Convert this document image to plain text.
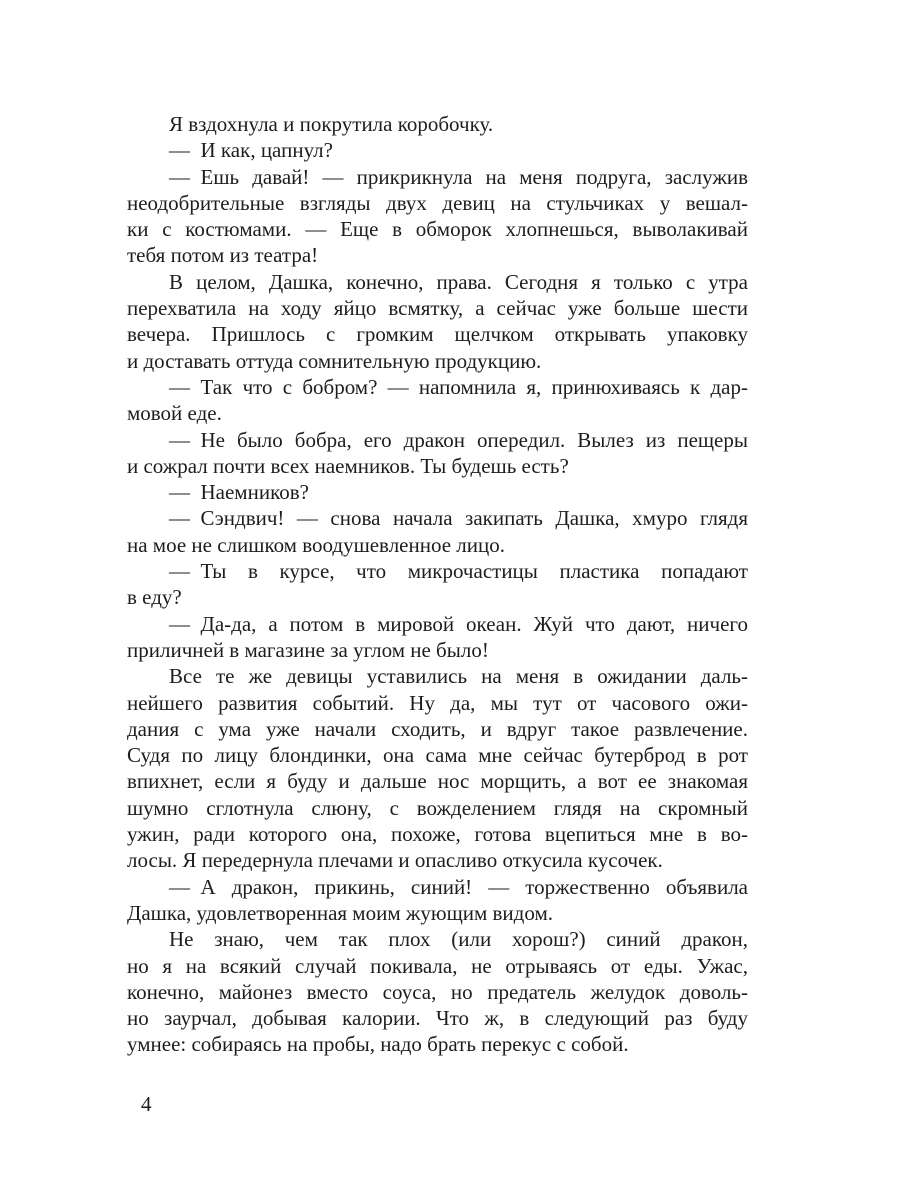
Я вздохнула и покрутила коробочку.
— И как, цапнул?
— Ешь давай! — прикрикнула на меня подруга, заслужив
неодобрительные взгляды двух девиц на стульчиках у вешал-
ки с костюмами. — Еще в обморок хлопнешься, выволакивай
тебя потом из театра!
В целом, Дашка, конечно, права. Сегодня я только с утра
перехватила на ходу яйцо всмятку, а сейчас уже больше шести
вечера. Пришлось с громким щелчком открывать упаковку
и доставать оттуда сомнительную продукцию.
— Так что с бобром? — напомнила я, принюхиваясь к дар-
мовой еде.
— Не было бобра, его дракон опередил. Вылез из пещеры
и сожрал почти всех наемников. Ты будешь есть?
— Наемников?
— Сэндвич! — снова начала закипать Дашка, хмуро глядя
на мое не слишком воодушевленное лицо.
— Ты в курсе, что микрочастицы пластика попадают
в еду?
— Да-да, а потом в мировой океан. Жуй что дают, ничего
приличней в магазине за углом не было!
Все те же девицы уставились на меня в ожидании даль-
нейшего развития событий. Ну да, мы тут от часового ожи-
дания с ума уже начали сходить, и вдруг такое развлечение.
Судя по лицу блондинки, она сама мне сейчас бутерброд в рот
впихнет, если я буду и дальше нос морщить, а вот ее знакомая
шумно сглотнула слюну, с вожделением глядя на скромный
ужин, ради которого она, похоже, готова вцепиться мне в во-
лосы. Я передернула плечами и опасливо откусила кусочек.
— А дракон, прикинь, синий! — торжественно объявила
Дашка, удовлетворенная моим жующим видом.
Не знаю, чем так плох (или хорош?) синий дракон,
но я на всякий случай покивала, не отрываясь от еды. Ужас,
конечно, майонез вместо соуса, но предатель желудок доволь-
но заурчал, добывая калории. Что ж, в следующий раз буду
умнее: собираясь на пробы, надо брать перекус с собой.
4
